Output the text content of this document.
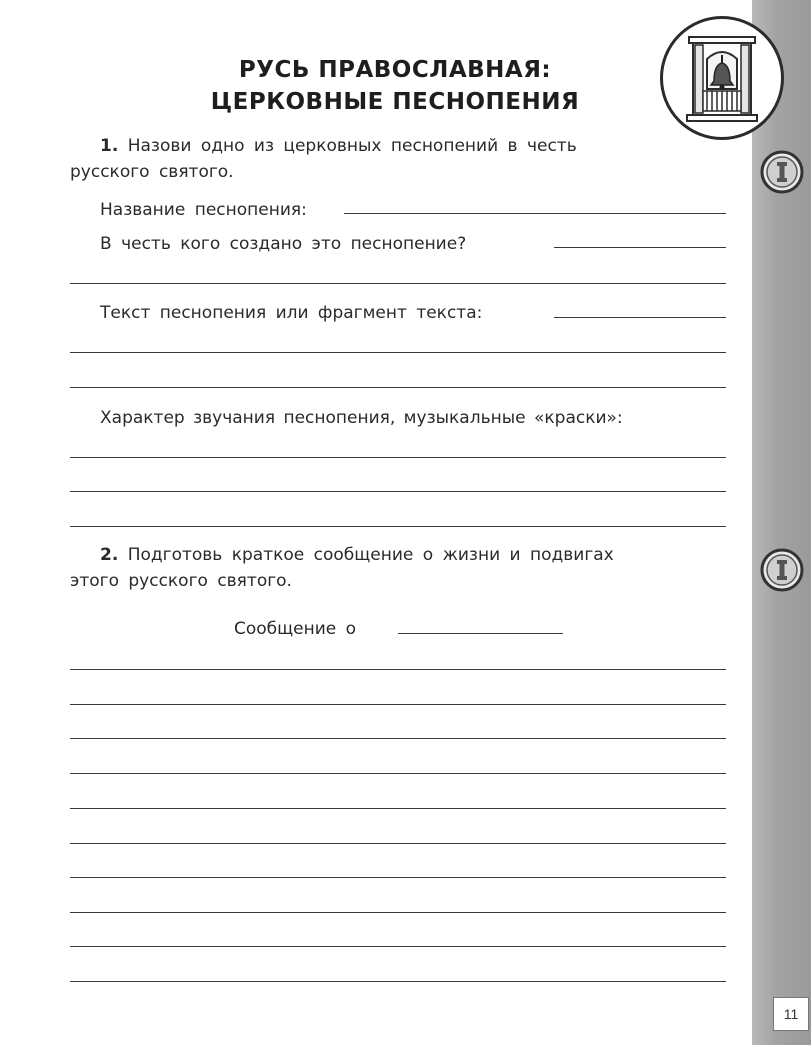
РУСЬ ПРАВОСЛАВНАЯ:
ЦЕРКОВНЫЕ ПЕСНОПЕНИЯ
1. Назови одно из церковных песнопений в честь
русского святого.
Название песнопения:
В честь кого создано это песнопение?
Текст песнопения или фрагмент текста:
Характер звучания песнопения, музыкальные «краски»:
2. Подготовь краткое сообщение о жизни и подвигах
этого русского святого.
Сообщение о
11
